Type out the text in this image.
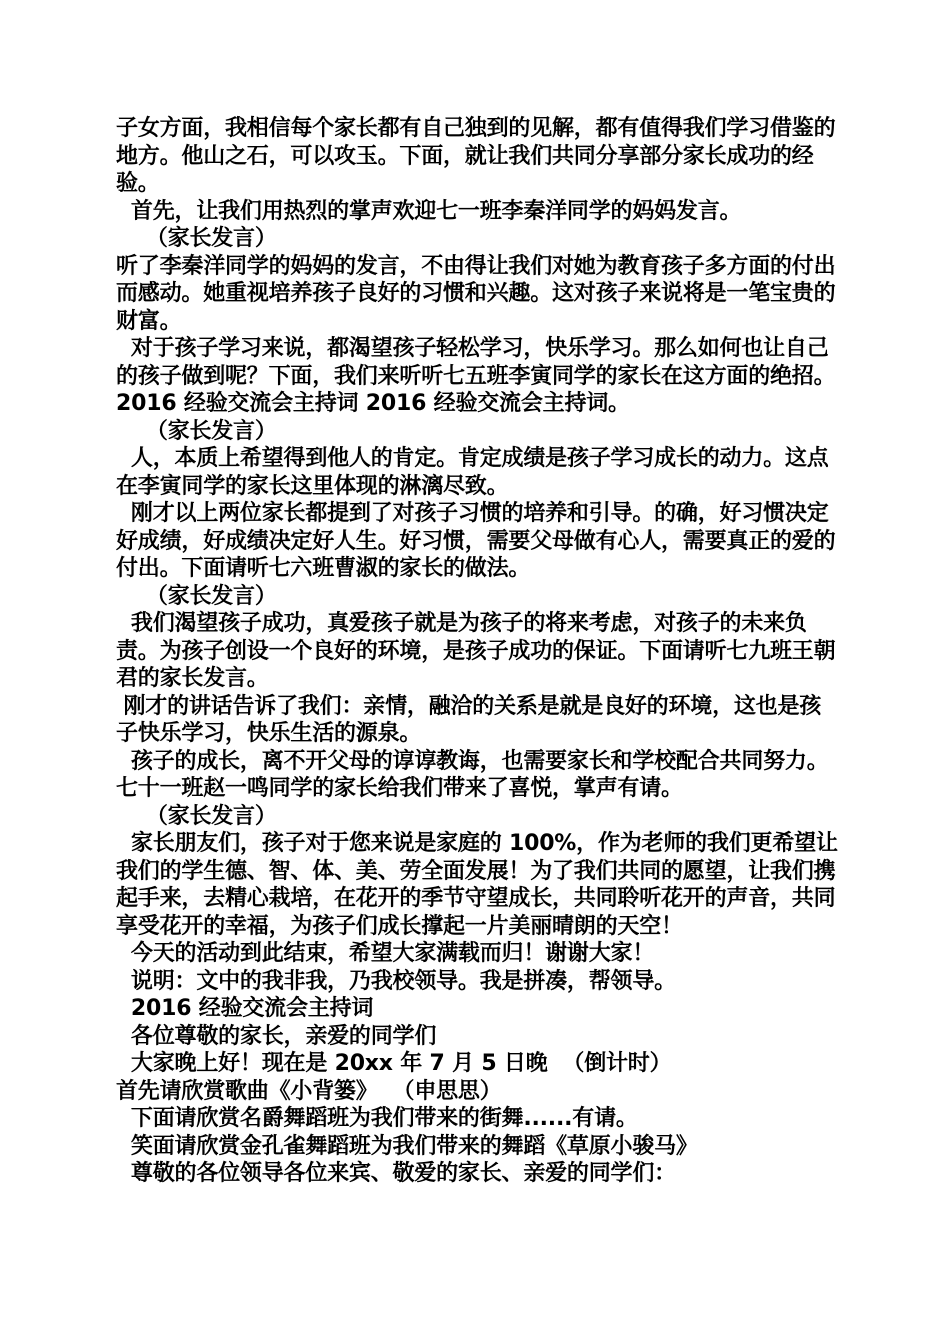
子女方面，我相信每个家长都有自己独到的见解，都有值得我们学习借鉴的地方。他山之石，可以攻玉。下面，就让我们共同分享部分家长成功的经验。

首先，让我们用热烈的掌声欢迎七一班李秦洋同学的妈妈发言。

（家长发言）

听了李秦洋同学的妈妈的发言，不由得让我们对她为教育孩子多方面的付出而感动。她重视培养孩子良好的习惯和兴趣。这对孩子来说将是一笔宝贵的财富。

对于孩子学习来说，都渴望孩子轻松学习，快乐学习。那么如何也让自己的孩子做到呢？下面，我们来听听七五班李寅同学的家长在这方面的绝招。2016 经验交流会主持词 2016 经验交流会主持词。

（家长发言）

人，本质上希望得到他人的肯定。肯定成绩是孩子学习成长的动力。这点在李寅同学的家长这里体现的淋漓尽致。

刚才以上两位家长都提到了对孩子习惯的培养和引导。的确，好习惯决定好成绩，好成绩决定好人生。好习惯，需要父母做有心人，需要真正的爱的付出。下面请听七六班曹淑的家长的做法。

（家长发言）

我们渴望孩子成功，真爱孩子就是为孩子的将来考虑，对孩子的未来负责。为孩子创设一个良好的环境，是孩子成功的保证。下面请听七九班王朝君的家长发言。

刚才的讲话告诉了我们：亲情，融洽的关系是就是良好的环境，这也是孩子快乐学习，快乐生活的源泉。

孩子的成长，离不开父母的谆谆教诲，也需要家长和学校配合共同努力。七十一班赵一鸣同学的家长给我们带来了喜悦，掌声有请。

（家长发言）

家长朋友们，孩子对于您来说是家庭的 100%，作为老师的我们更希望让我们的学生德、智、体、美、劳全面发展！为了我们共同的愿望，让我们携起手来，去精心栽培，在花开的季节守望成长，共同聆听花开的声音，共同享受花开的幸福，为孩子们成长撑起一片美丽晴朗的天空！

今天的活动到此结束，希望大家满载而归！谢谢大家！

说明：文中的我非我，乃我校领导。我是拼凑，帮领导。

2016 经验交流会主持词

各位尊敬的家长，亲爱的同学们

大家晚上好！现在是 20xx 年 7 月 5 日晚  （倒计时）

首先请欣赏歌曲《小背篓》  （申思思）

下面请欣赏名爵舞蹈班为我们带来的街舞......有请。

笑面请欣赏金孔雀舞蹈班为我们带来的舞蹈《草原小骏马》

尊敬的各位领导各位来宾、敬爱的家长、亲爱的同学们：
